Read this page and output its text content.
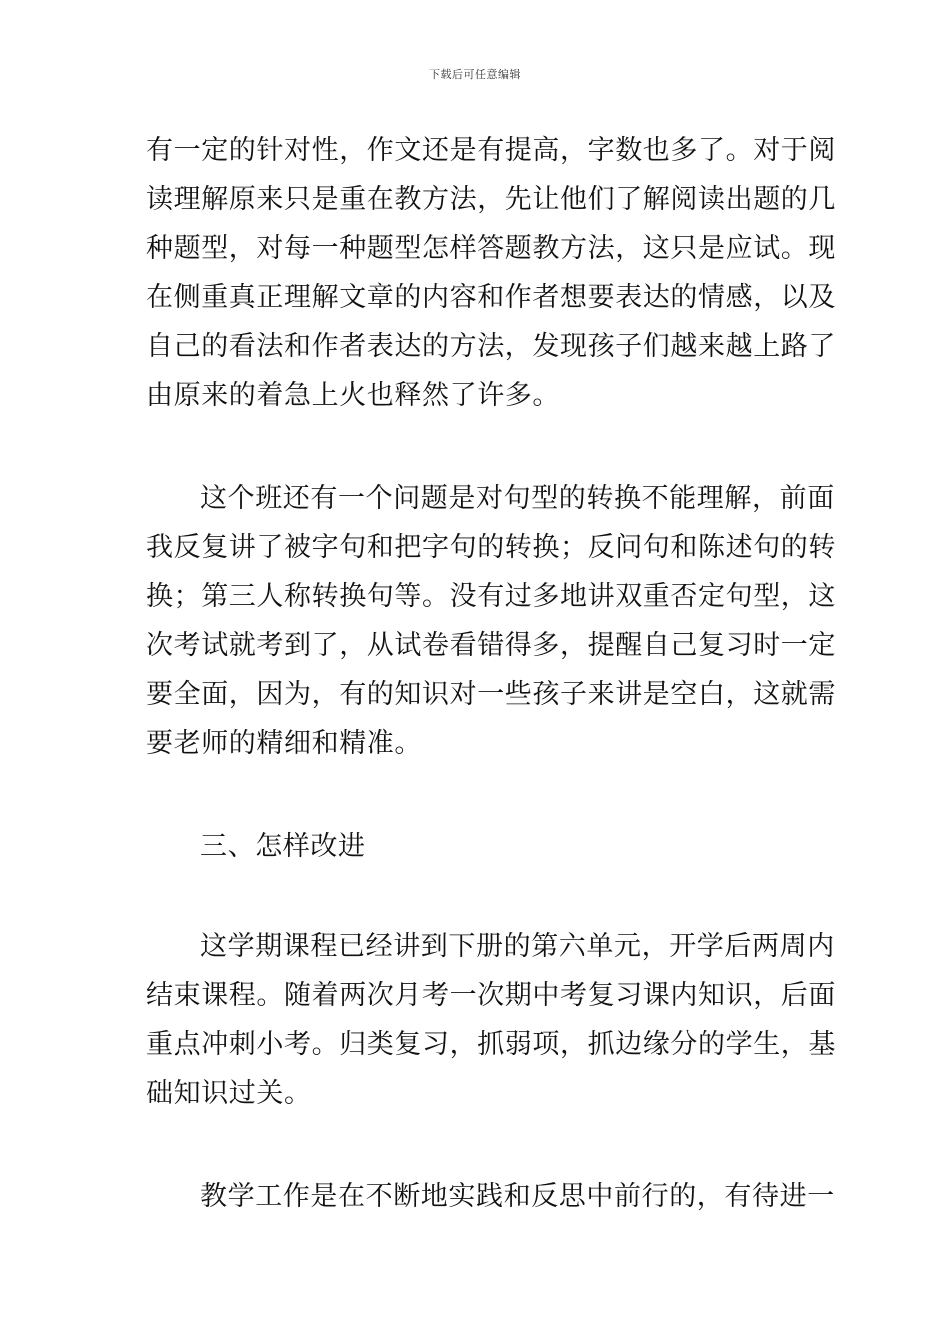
下载后可任意编辑
有一定的针对性，作文还是有提高，字数也多了。对于阅
读理解原来只是重在教方法，先让他们了解阅读出题的几
种题型，对每一种题型怎样答题教方法，这只是应试。现
在侧重真正理解文章的内容和作者想要表达的情感，以及
自己的看法和作者表达的方法，发现孩子们越来越上路了
由原来的着急上火也释然了许多。
这个班还有一个问题是对句型的转换不能理解，前面
我反复讲了被字句和把字句的转换；反问句和陈述句的转
换；第三人称转换句等。没有过多地讲双重否定句型，这
次考试就考到了，从试卷看错得多，提醒自己复习时一定
要全面，因为，有的知识对一些孩子来讲是空白，这就需
要老师的精细和精准。
三、怎样改进
这学期课程已经讲到下册的第六单元，开学后两周内
结束课程。随着两次月考一次期中考复习课内知识，后面
重点冲刺小考。归类复习，抓弱项，抓边缘分的学生，基
础知识过关。
教学工作是在不断地实践和反思中前行的，有待进一
